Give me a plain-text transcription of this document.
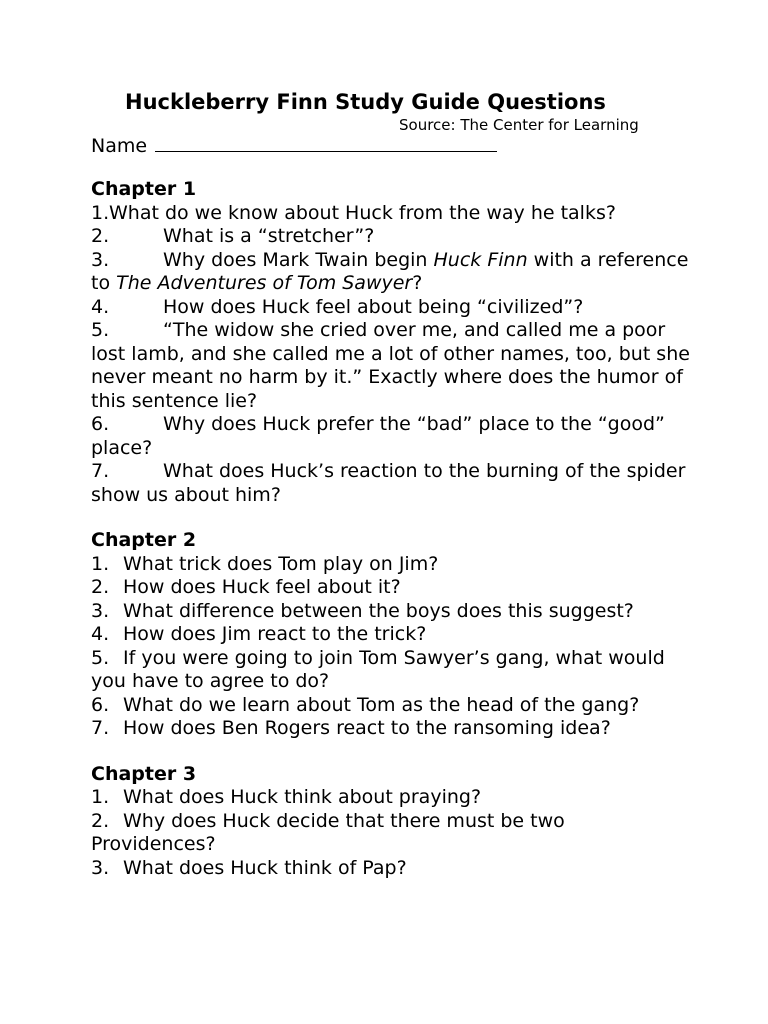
Huckleberry Finn Study Guide Questions
Source: The Center for Learning

Name

Chapter 1

1.What do we know about Huck from the way he talks?

2.	What is a “stretcher”?

3.	Why does Mark Twain begin Huck Finn with a reference to The Adventures of Tom Sawyer?

4.	How does Huck feel about being “civilized”?

5.	“The widow she cried over me, and called me a poor lost lamb, and she called me a lot of other names, too, but she never meant no harm by it.” Exactly where does the humor of this sentence lie?

6.	Why does Huck prefer the “bad” place to the “good” place?

7.	What does Huck’s reaction to the burning of the spider show us about him?

Chapter 2

1. What trick does Tom play on Jim?

2. How does Huck feel about it?

3. What difference between the boys does this suggest?

4. How does Jim react to the trick?

5. If you were going to join Tom Sawyer’s gang, what would you have to agree to do?

6. What do we learn about Tom as the head of the gang?

7. How does Ben Rogers react to the ransoming idea?

Chapter 3

1. What does Huck think about praying?

2. Why does Huck decide that there must be two Providences?

3. What does Huck think of Pap?
